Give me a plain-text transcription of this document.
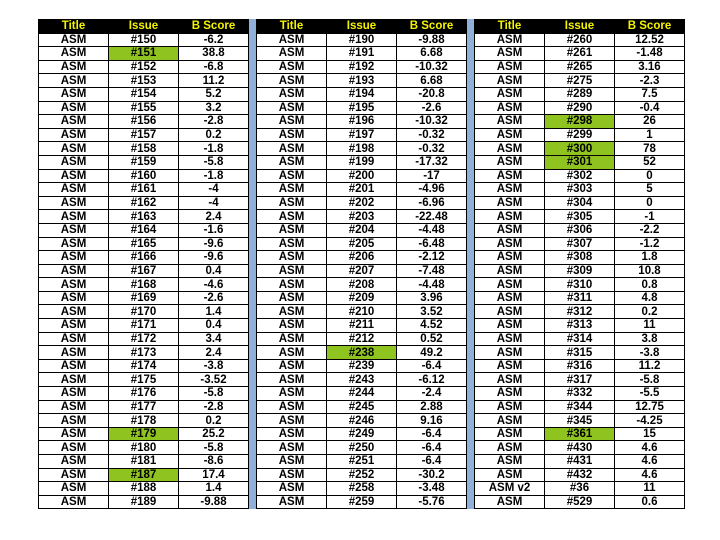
Title	Issue	B Score
ASM	#150	-6.2
ASM	#151	38.8
ASM	#152	-6.8
ASM	#153	11.2
ASM	#154	5.2
ASM	#155	3.2
ASM	#156	-2.8
ASM	#157	0.2
ASM	#158	-1.8
ASM	#159	-5.8
ASM	#160	-1.8
ASM	#161	-4
ASM	#162	-4
ASM	#163	2.4
ASM	#164	-1.6
ASM	#165	-9.6
ASM	#166	-9.6
ASM	#167	0.4
ASM	#168	-4.6
ASM	#169	-2.6
ASM	#170	1.4
ASM	#171	0.4
ASM	#172	3.4
ASM	#173	2.4
ASM	#174	-3.8
ASM	#175	-3.52
ASM	#176	-5.8
ASM	#177	-2.8
ASM	#178	0.2
ASM	#179	25.2
ASM	#180	-5.8
ASM	#181	-8.6
ASM	#187	17.4
ASM	#188	1.4
ASM	#189	-9.88
Title	Issue	B Score
ASM	#190	-9.88
ASM	#191	6.68
ASM	#192	-10.32
ASM	#193	6.68
ASM	#194	-20.8
ASM	#195	-2.6
ASM	#196	-10.32
ASM	#197	-0.32
ASM	#198	-0.32
ASM	#199	-17.32
ASM	#200	-17
ASM	#201	-4.96
ASM	#202	-6.96
ASM	#203	-22.48
ASM	#204	-4.48
ASM	#205	-6.48
ASM	#206	-2.12
ASM	#207	-7.48
ASM	#208	-4.48
ASM	#209	3.96
ASM	#210	3.52
ASM	#211	4.52
ASM	#212	0.52
ASM	#238	49.2
ASM	#239	-6.4
ASM	#243	-6.12
ASM	#244	-2.4
ASM	#245	2.88
ASM	#246	9.16
ASM	#249	-6.4
ASM	#250	-6.4
ASM	#251	-6.4
ASM	#252	-30.2
ASM	#258	-3.48
ASM	#259	-5.76
Title	Issue	B Score
ASM	#260	12.52
ASM	#261	-1.48
ASM	#265	3.16
ASM	#275	-2.3
ASM	#289	7.5
ASM	#290	-0.4
ASM	#298	26
ASM	#299	1
ASM	#300	78
ASM	#301	52
ASM	#302	0
ASM	#303	5
ASM	#304	0
ASM	#305	-1
ASM	#306	-2.2
ASM	#307	-1.2
ASM	#308	1.8
ASM	#309	10.8
ASM	#310	0.8
ASM	#311	4.8
ASM	#312	0.2
ASM	#313	11
ASM	#314	3.8
ASM	#315	-3.8
ASM	#316	11.2
ASM	#317	-5.8
ASM	#332	-5.5
ASM	#344	12.75
ASM	#345	-4.25
ASM	#361	15
ASM	#430	4.6
ASM	#431	4.6
ASM	#432	4.6
ASM v2	#36	11
ASM	#529	0.6
